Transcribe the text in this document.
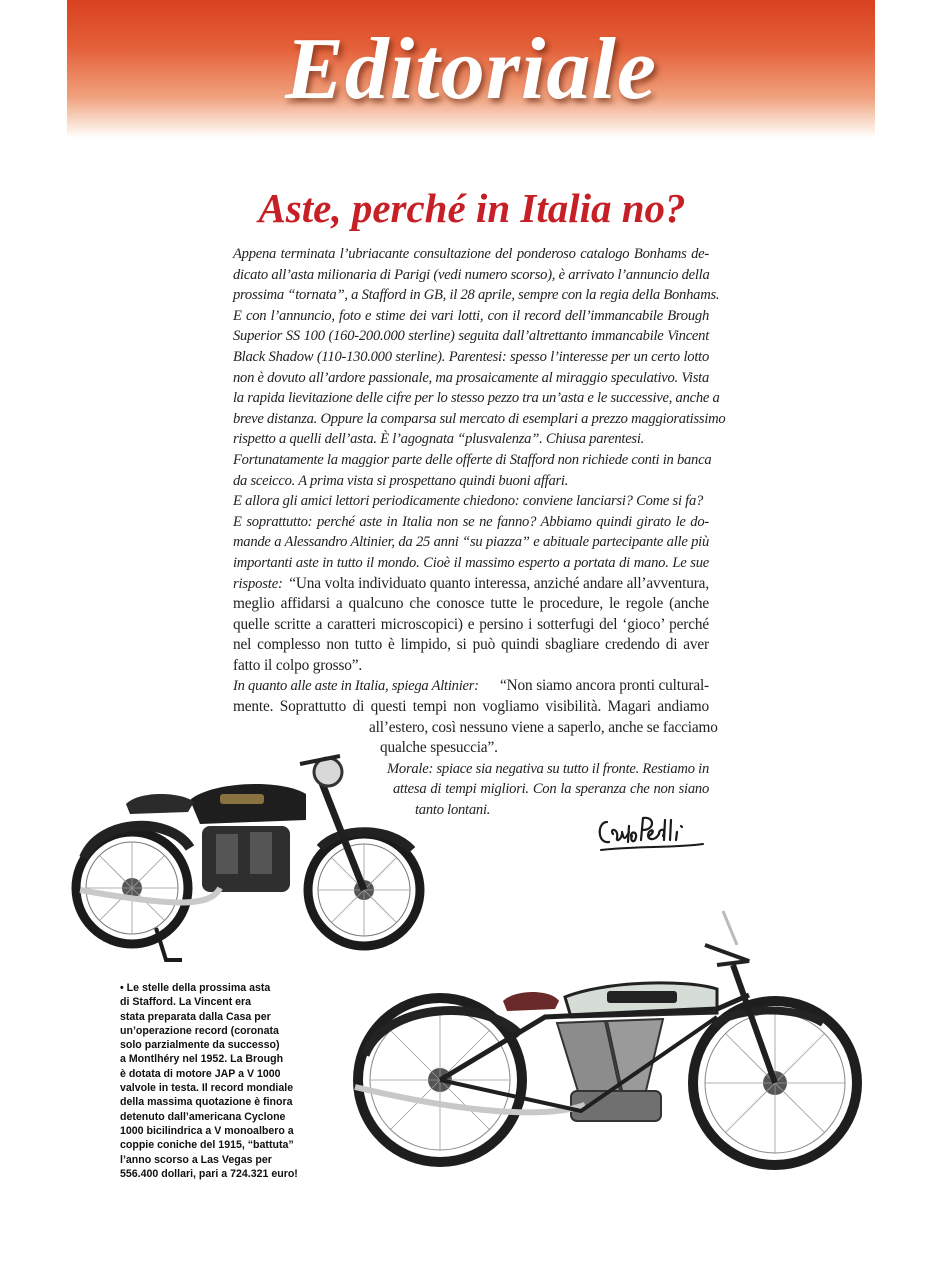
Editoriale
Aste, perché in Italia no?
Appena terminata l’ubriacante consultazione del ponderoso catalogo Bonhams de-
dicato all’asta milionaria di Parigi (vedi numero scorso), è arrivato l’annuncio della
prossima “tornata”, a Stafford in GB, il 28 aprile, sempre con la regia della Bonhams.
E con l’annuncio, foto e stime dei vari lotti, con il record dell’immancabile Brough
Superior SS 100 (160-200.000 sterline) seguita dall’altrettanto immancabile Vincent
Black Shadow (110-130.000 sterline). Parentesi: spesso l’interesse per un certo lotto
non è dovuto all’ardore passionale, ma prosaicamente al miraggio speculativo. Vista
la rapida lievitazione delle cifre per lo stesso pezzo tra un’asta e le successive, anche a
breve distanza. Oppure la comparsa sul mercato di esemplari a prezzo maggioratissimo
rispetto a quelli dell’asta. È l’agognata “plusvalenza”. Chiusa parentesi.
Fortunatamente la maggior parte delle offerte di Stafford non richiede conti in banca
da sceicco. A prima vista si prospettano quindi buoni affari.
E allora gli amici lettori periodicamente chiedono: conviene lanciarsi? Come si fa?
E soprattutto: perché aste in Italia non se ne fanno? Abbiamo quindi girato le do-
mande a Alessandro Altinier, da 25 anni “su piazza” e abituale partecipante alle più
importanti aste in tutto il mondo. Cioè il massimo esperto a portata di mano. Le sue
risposte: “Una volta individuato quanto interessa, anziché andare all’avventura,
meglio affidarsi a qualcuno che conosce tutte le procedure, le regole (anche
quelle scritte a caratteri microscopici) e persino i sotterfugi del ‘gioco’ perché
nel complesso non tutto è limpido, si può quindi sbagliare credendo di aver
fatto il colpo grosso”.
In quanto alle aste in Italia, spiega Altinier: “Non siamo ancora pronti cultural-
mente. Soprattutto di questi tempi non vogliamo visibilità. Magari andiamo
all’estero, così nessuno viene a saperlo, anche se facciamo
qualche spesuccia”.
Morale: spiace sia negativa su tutto il fronte. Restiamo in
attesa di tempi migliori. Con la speranza che non siano
tanto lontani.
• Le stelle della prossima asta
di Stafford. La Vincent era
stata preparata dalla Casa per
un’operazione record (coronata
solo parzialmente da successo)
a Montlhéry nel 1952. La Brough
è dotata di motore JAP a V 1000
valvole in testa. Il record mondiale
della massima quotazione è finora
detenuto dall’americana Cyclone
1000 bicilindrica a V monoalbero a
coppie coniche del 1915, “battuta”
l’anno scorso a Las Vegas per
556.400 dollari, pari a 724.321 euro!
